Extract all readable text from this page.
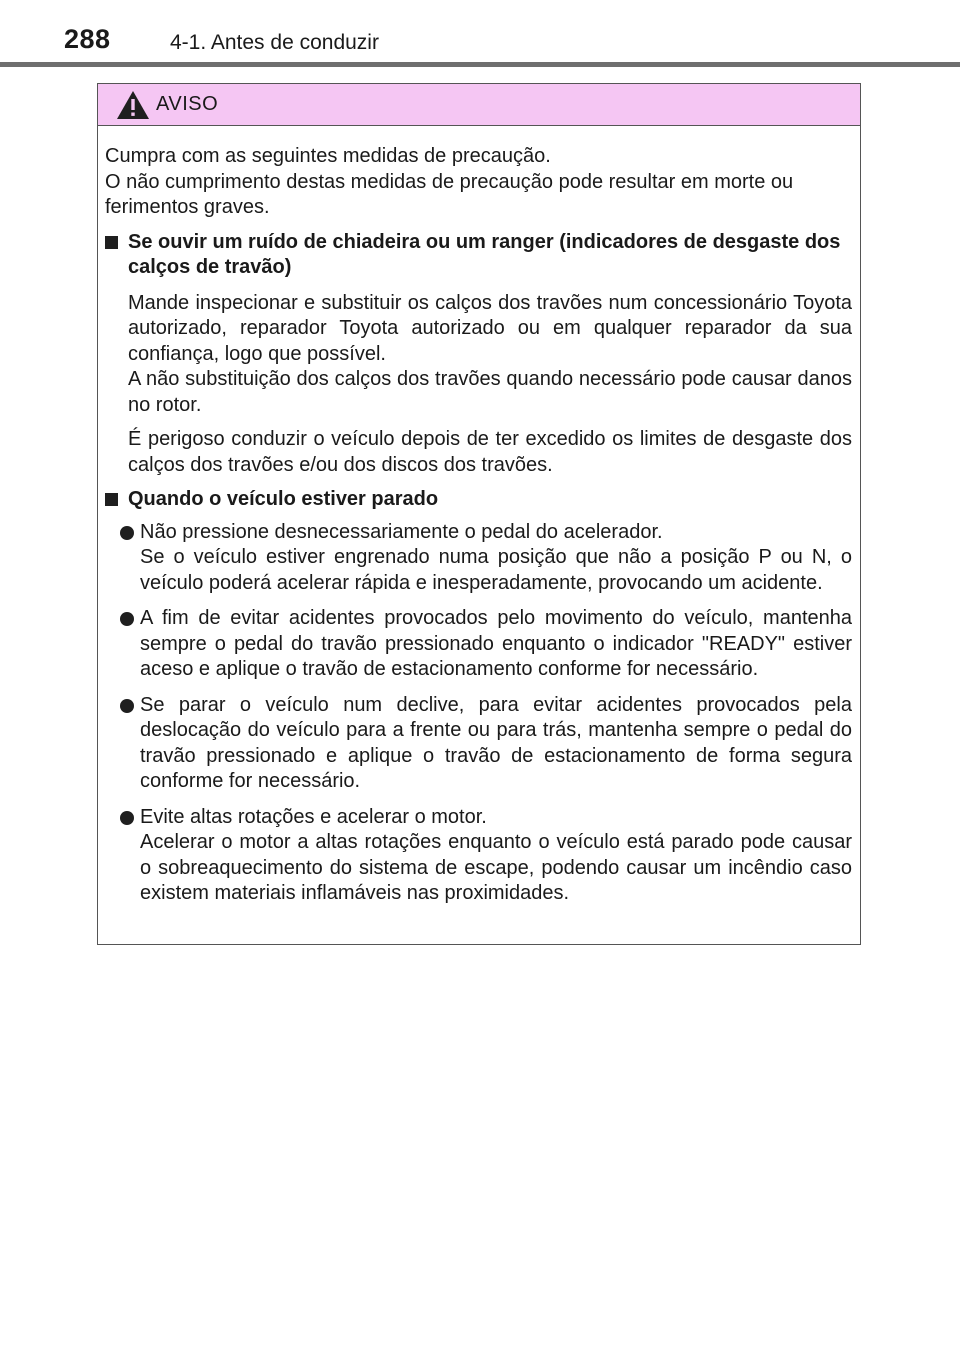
288	4-1. Antes de conduzir
AVISO

Cumpra com as seguintes medidas de precaução.

O não cumprimento destas medidas de precaução pode resultar em morte ou ferimentos graves.

Se ouvir um ruído de chiadeira ou um ranger (indicadores de desgaste dos calços de travão)
Mande inspecionar e substituir os calços dos travões num concessionário Toyota autorizado, reparador Toyota autorizado ou em qualquer reparador da sua confiança, logo que possível.
A não substituição dos calços dos travões quando necessário pode causar danos no rotor.
É perigoso conduzir o veículo depois de ter excedido os limites de desgaste dos calços dos travões e/ou dos discos dos travões.
Quando o veículo estiver parado
Não pressione desnecessariamente o pedal do acelerador.
Se o veículo estiver engrenado numa posição que não a posição P ou N, o veículo poderá acelerar rápida e inesperadamente, provocando um acidente.
A fim de evitar acidentes provocados pelo movimento do veículo, mantenha sempre o pedal do travão pressionado enquanto o indicador "READY" estiver aceso e aplique o travão de estacionamento conforme for necessário.
Se parar o veículo num declive, para evitar acidentes provocados pela deslocação do veículo para a frente ou para trás, mantenha sempre o pedal do travão pressionado e aplique o travão de estacionamento de forma segura conforme for necessário.
Evite altas rotações e acelerar o motor.
Acelerar o motor a altas rotações enquanto o veículo está parado pode causar o sobreaquecimento do sistema de escape, podendo causar um incêndio caso existem materiais inflamáveis nas proximidades.
